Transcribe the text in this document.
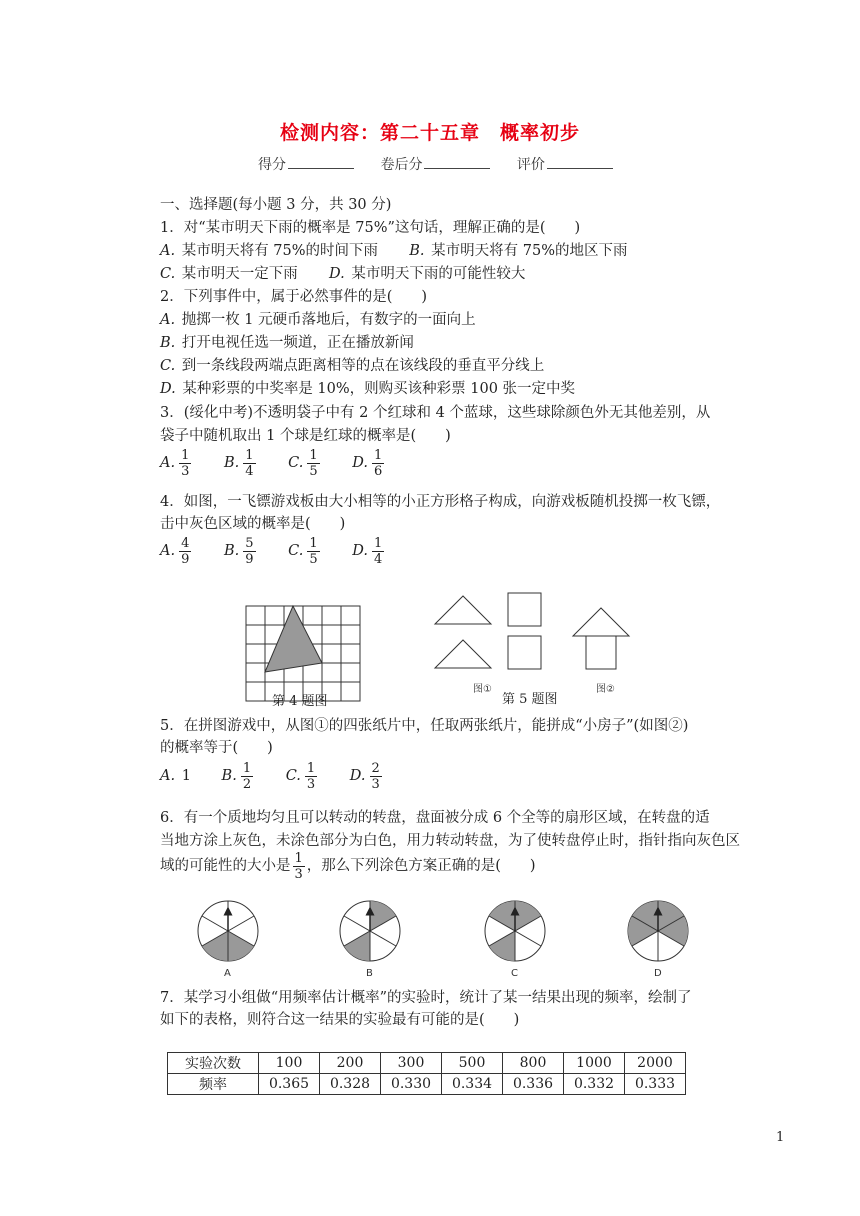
检测内容：第二十五章　概率初步
得分	卷后分	评价
一、选择题(每小题 3 分，共 30 分)
1．对“某市明天下雨的概率是 75%”这句话，理解正确的是(　　)
A. 某市明天将有 75%的时间下雨 B. 某市明天将有 75%的地区下雨
C. 某市明天一定下雨 D. 某市明天下雨的可能性较大
2．下列事件中，属于必然事件的是(　　)
A. 抛掷一枚 1 元硬币落地后，有数字的一面向上
B. 打开电视任选一频道，正在播放新闻
C. 到一条线段两端点距离相等的点在该线段的垂直平分线上
D. 某种彩票的中奖率是 10%，则购买该种彩票 100 张一定中奖
3．(绥化中考)不透明袋子中有 2 个红球和 4 个蓝球，这些球除颜色外无其他差别，从
袋子中随机取出 1 个球是红球的概率是(　　)
A. $\frac{1}{3} B$. $\frac{1}{4} C$. $\frac{1}{5} D$. $\frac{1}{6}$
4．如图，一飞镖游戏板由大小相等的小正方形格子构成，向游戏板随机投掷一枚飞镖，
击中灰色区域的概率是(　　)
A. $\frac{4}{9} B$. $\frac{5}{9} C$. $\frac{1}{5} D$. $\frac{1}{4}$
第 4 题图
图①	图②
第 5 题图
5．在拼图游戏中，从图①的四张纸片中，任取两张纸片，能拼成“小房子”(如图②)
的概率等于(　　)
A. 1 B. $\frac{1}{2} C$. $\frac{1}{3} D$. $\frac{2}{3}$
6．有一个质地均匀且可以转动的转盘，盘面被分成 6 个全等的扇形区域，在转盘的适
当地方涂上灰色，未涂色部分为白色，用力转动转盘，为了使转盘停止时，指针指向灰色区
域的可能性的大小是 $\frac{1}{3}$ ，那么下列涂色方案正确的是(　　)
A	B	C	D
7．某学习小组做“用频率估计概率”的实验时，统计了某一结果出现的频率，绘制了
如下的表格，则符合这一结果的实验最有可能的是(　　)
实验次数	100	200	300	500	800	1000	2000
频率	0.365	0.328	0.330	0.334	0.336	0.332	0.333
1
